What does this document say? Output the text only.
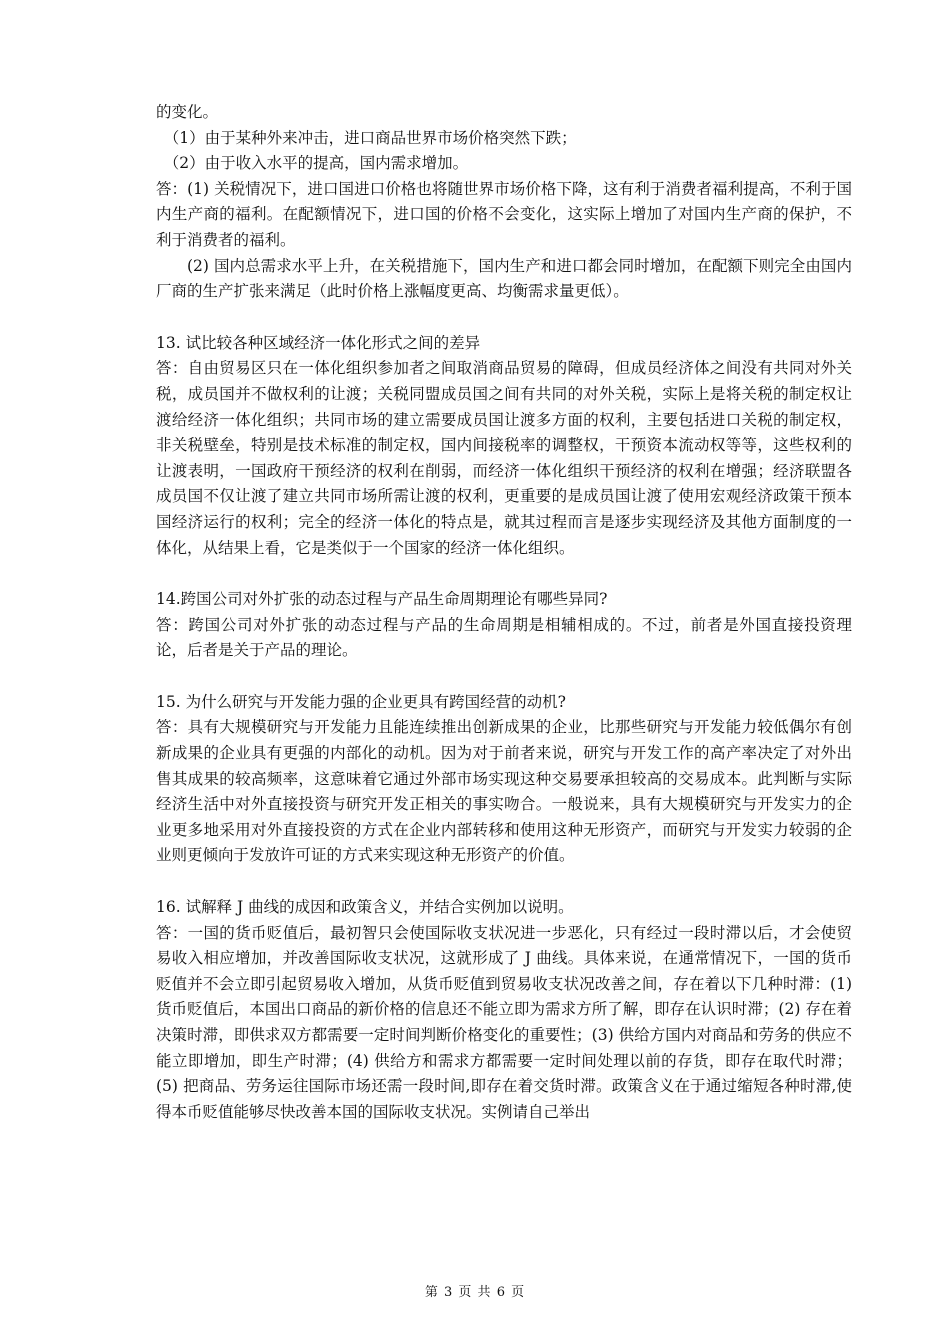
的变化。

（1）由于某种外来冲击，进口商品世界市场价格突然下跌；

（2）由于收入水平的提高，国内需求增加。

答：(1) 关税情况下，进口国进口价格也将随世界市场价格下降，这有利于消费者福利提高，不利于国内生产商的福利。在配额情况下，进口国的价格不会变化，这实际上增加了对国内生产商的保护，不利于消费者的福利。

(2) 国内总需求水平上升，在关税措施下，国内生产和进口都会同时增加，在配额下则完全由国内厂商的生产扩张来满足（此时价格上涨幅度更高、均衡需求量更低）。

13. 试比较各种区域经济一体化形式之间的差异

答：自由贸易区只在一体化组织参加者之间取消商品贸易的障碍，但成员经济体之间没有共同对外关税，成员国并不做权利的让渡；关税同盟成员国之间有共同的对外关税，实际上是将关税的制定权让渡给经济一体化组织；共同市场的建立需要成员国让渡多方面的权利，主要包括进口关税的制定权，非关税壁垒，特别是技术标准的制定权，国内间接税率的调整权，干预资本流动权等等，这些权利的让渡表明，一国政府干预经济的权利在削弱，而经济一体化组织干预经济的权利在增强；经济联盟各成员国不仅让渡了建立共同市场所需让渡的权利，更重要的是成员国让渡了使用宏观经济政策干预本国经济运行的权利；完全的经济一体化的特点是，就其过程而言是逐步实现经济及其他方面制度的一体化，从结果上看，它是类似于一个国家的经济一体化组织。

14.跨国公司对外扩张的动态过程与产品生命周期理论有哪些异同?

答：跨国公司对外扩张的动态过程与产品的生命周期是相辅相成的。不过，前者是外国直接投资理论，后者是关于产品的理论。

15. 为什么研究与开发能力强的企业更具有跨国经营的动机?

答：具有大规模研究与开发能力且能连续推出创新成果的企业，比那些研究与开发能力较低偶尔有创新成果的企业具有更强的内部化的动机。因为对于前者来说，研究与开发工作的高产率决定了对外出售其成果的较高频率，这意味着它通过外部市场实现这种交易要承担较高的交易成本。此判断与实际经济生活中对外直接投资与研究开发正相关的事实吻合。一般说来，具有大规模研究与开发实力的企业更多地采用对外直接投资的方式在企业内部转移和使用这种无形资产，而研究与开发实力较弱的企业则更倾向于发放许可证的方式来实现这种无形资产的价值。

16. 试解释 J 曲线的成因和政策含义，并结合实例加以说明。

答：一国的货币贬值后，最初智只会使国际收支状况进一步恶化，只有经过一段时滞以后，才会使贸易收入相应增加，并改善国际收支状况，这就形成了 J 曲线。具体来说，在通常情况下，一国的货币贬值并不会立即引起贸易收入增加，从货币贬值到贸易收支状况改善之间，存在着以下几种时滞：(1) 货币贬值后，本国出口商品的新价格的信息还不能立即为需求方所了解，即存在认识时滞；(2) 存在着决策时滞，即供求双方都需要一定时间判断价格变化的重要性；(3) 供给方国内对商品和劳务的供应不能立即增加，即生产时滞；(4) 供给方和需求方都需要一定时间处理以前的存货，即存在取代时滞；(5) 把商品、劳务运往国际市场还需一段时间,即存在着交货时滞。政策含义在于通过缩短各种时滞,使得本币贬值能够尽快改善本国的国际收支状况。实例请自己举出

第 3 页 共 6 页
